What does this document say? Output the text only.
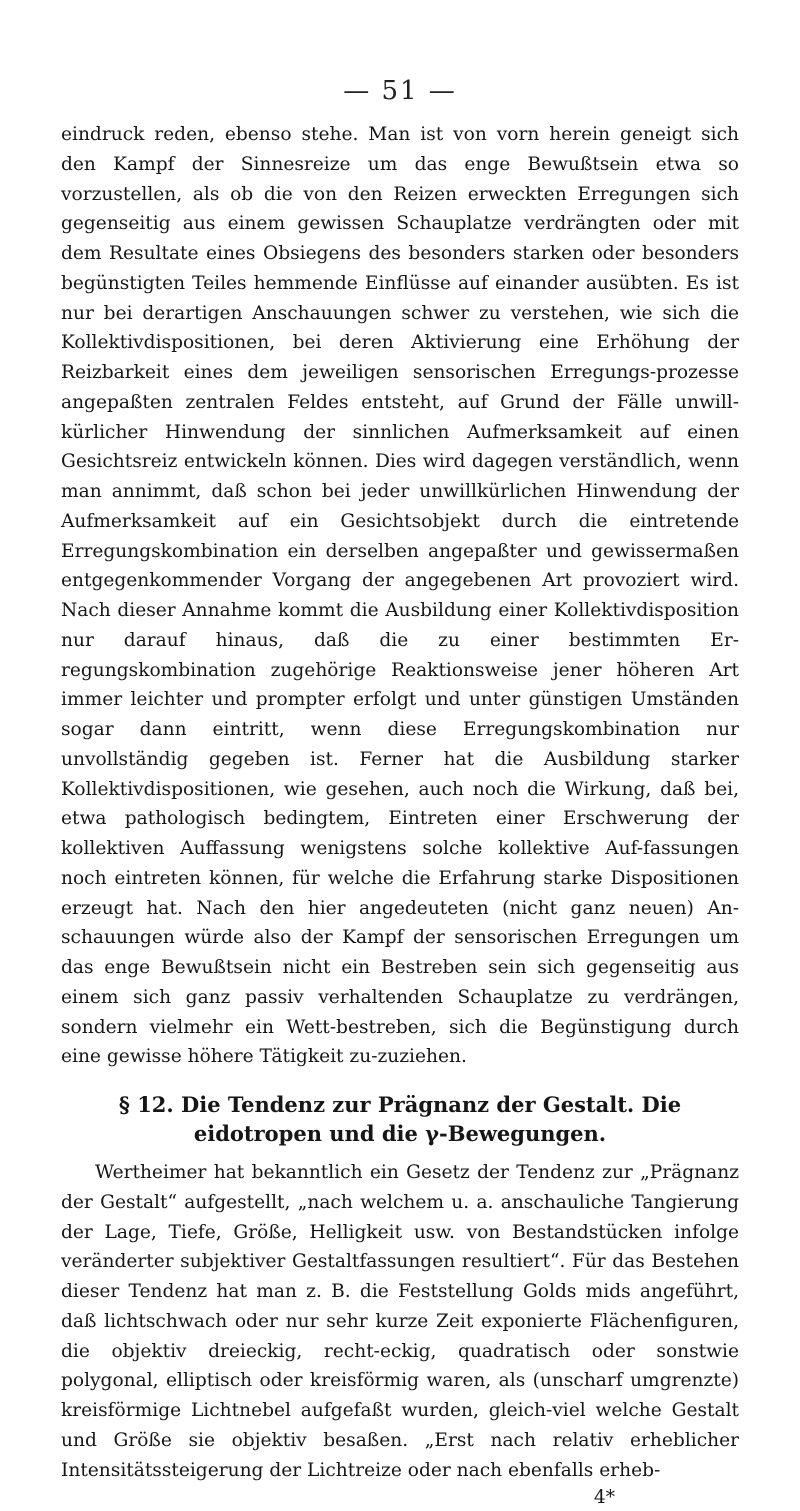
— 51 —

eindruck reden, ebenso stehe. Man ist von vorn herein geneigt sich den Kampf der Sinnesreize um das enge Bewußtsein etwa so vorzustellen, als ob die von den Reizen erweckten Erregungen sich gegenseitig aus einem gewissen Schauplatze verdrängten oder mit dem Resultate eines Obsiegens des besonders starken oder besonders begünstigten Teiles hemmende Einflüsse auf einander ausübten. Es ist nur bei derartigen Anschauungen schwer zu verstehen, wie sich die Kollektivdispositionen, bei deren Aktivierung eine Erhöhung der Reizbarkeit eines dem jeweiligen sensorischen Erregungs-prozesse angepaßten zentralen Feldes entsteht, auf Grund der Fälle unwill-kürlicher Hinwendung der sinnlichen Aufmerksamkeit auf einen Gesichtsreiz entwickeln können. Dies wird dagegen verständlich, wenn man annimmt, daß schon bei jeder unwillkürlichen Hinwendung der Aufmerksamkeit auf ein Gesichtsobjekt durch die eintretende Erregungskombination ein derselben angepaßter und gewissermaßen entgegenkommender Vorgang der angegebenen Art provoziert wird. Nach dieser Annahme kommt die Ausbildung einer Kollektivdisposition nur darauf hinaus, daß die zu einer bestimmten Er-regungskombination zugehörige Reaktionsweise jener höheren Art immer leichter und prompter erfolgt und unter günstigen Umständen sogar dann eintritt, wenn diese Erregungskombination nur unvollständig gegeben ist. Ferner hat die Ausbildung starker Kollektivdispositionen, wie gesehen, auch noch die Wirkung, daß bei, etwa pathologisch bedingtem, Eintreten einer Erschwerung der kollektiven Auffassung wenigstens solche kollektive Auf-fassungen noch eintreten können, für welche die Erfahrung starke Dispositionen erzeugt hat. Nach den hier angedeuteten (nicht ganz neuen) An-schauungen würde also der Kampf der sensorischen Erregungen um das enge Bewußtsein nicht ein Bestreben sein sich gegenseitig aus einem sich ganz passiv verhaltenden Schauplatze zu verdrängen, sondern vielmehr ein Wett-bestreben, sich die Begünstigung durch eine gewisse höhere Tätigkeit zu-zuziehen.

§ 12. Die Tendenz zur Prägnanz der Gestalt. Die eidotropen und die γ-Bewegungen.

Wertheimer hat bekanntlich ein Gesetz der Tendenz zur „Prägnanz der Gestalt“ aufgestellt, „nach welchem u. a. anschauliche Tangierung der Lage, Tiefe, Größe, Helligkeit usw. von Bestandstücken infolge veränderter subjektiver Gestaltfassungen resultiert“. Für das Bestehen dieser Tendenz hat man z. B. die Feststellung Golds mids angeführt, daß lichtschwach oder nur sehr kurze Zeit exponierte Flächenfiguren, die objektiv dreieckig, recht-eckig, quadratisch oder sonstwie polygonal, elliptisch oder kreisförmig waren, als (unscharf umgrenzte) kreisförmige Lichtnebel aufgefaßt wurden, gleich-viel welche Gestalt und Größe sie objektiv besaßen. „Erst nach relativ erheblicher Intensitätssteigerung der Lichtreize oder nach ebenfalls erheb-

4*
